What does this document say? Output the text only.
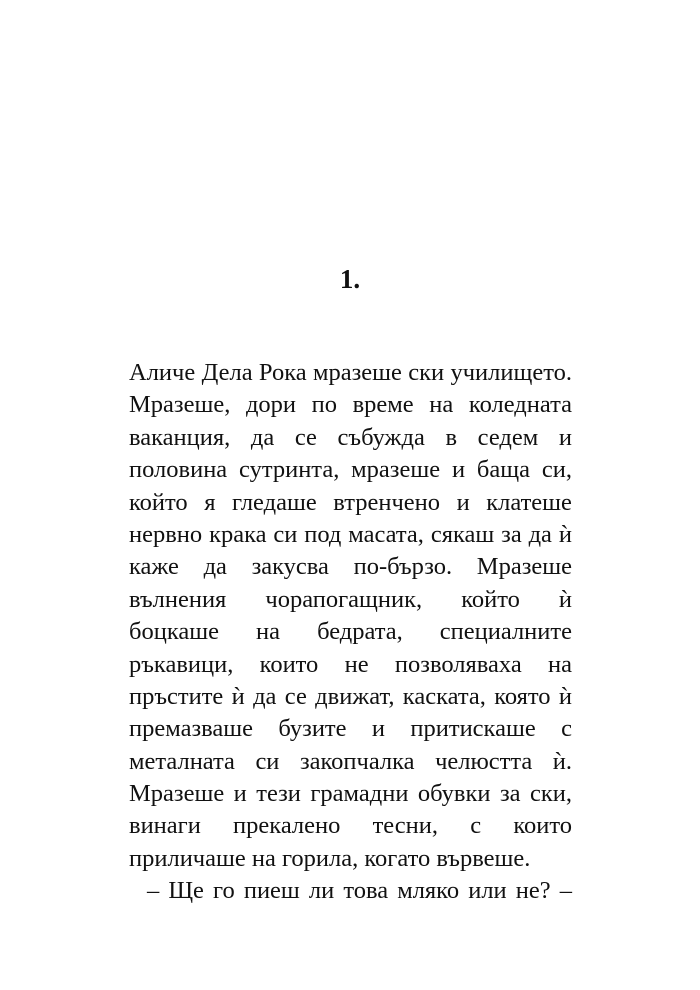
1.
Аличе Дела Рока мразеше ски училището.
Мразеше, дори по време на коледната
ваканция, да се събужда в седем и
половина сутринта, мразеше и баща си,
който я гледаше втренчено и клатеше
нервно крака си под масата, сякаш за да ѝ
каже да закусва по-бързо. Мразеше
вълнения чорапогащник, който ѝ
боцкаше на бедрата, специалните
ръкавици, които не позволяваха на
пръстите ѝ да се движат, каската, която ѝ
премазваше бузите и притискаше с
металната си закопчалка челюстта ѝ.
Мразеше и тези грамадни обувки за ски,
винаги прекалено тесни, с които
приличаше на горила, когато вървеше.
– Ще го пиеш ли това мляко или не? –
